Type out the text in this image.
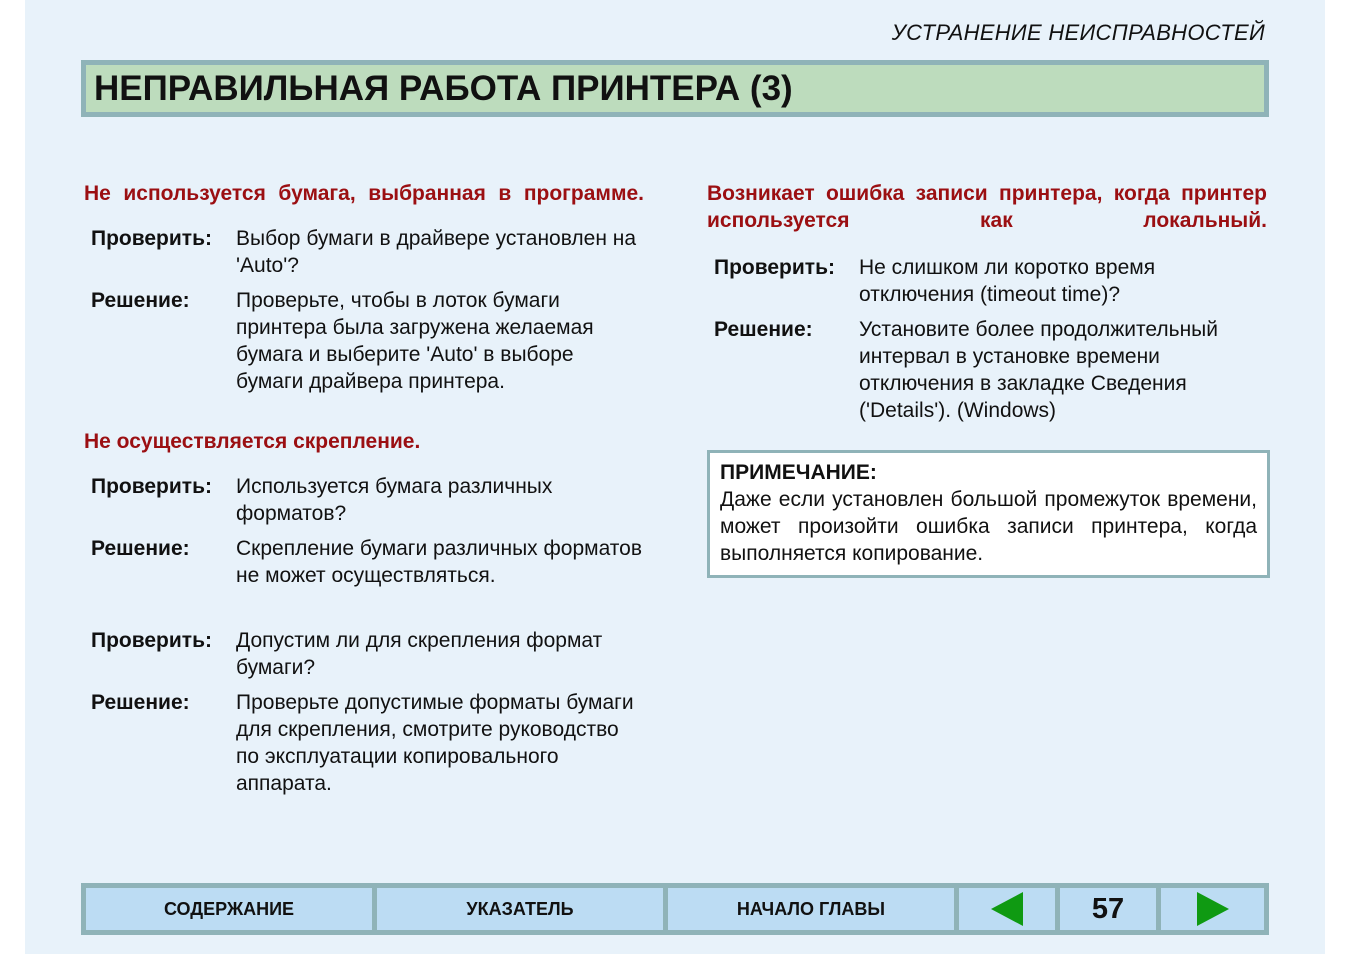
УСТРАНЕНИЕ НЕИСПРАВНОСТЕЙ
НЕПРАВИЛЬНАЯ РАБОТА ПРИНТЕРА (3)
Не используется бумага, выбранная в программе.
Проверить:	Выбор бумаги в драйвере установлен на 'Auto'?
Решение:	Проверьте, чтобы в лоток бумаги принтера была загружена желаемая бумага и выберите 'Auto' в выборе бумаги драйвера принтера.
Не осуществляется скрепление.
Проверить:	Используется бумага различных форматов?
Решение:	Скрепление бумаги различных форматов не может осуществляться.
Проверить:	Допустим ли для скрепления формат бумаги?
Решение:	Проверьте допустимые форматы бумаги для скрепления, смотрите руководство по эксплуатации копировального аппарата.
Возникает ошибка записи принтера, когда принтер используется как локальный.
Проверить:	Не слишком ли коротко время отключения (timeout time)?
Решение:	Установите более продолжительный интервал в установке времени отключения в закладке Сведения ('Details'). (Windows)
ПРИМЕЧАНИЕ:
Даже если установлен большой промежуток времени, может произойти ошибка записи принтера, когда выполняется копирование.
СОДЕРЖАНИЕ	УКАЗАТЕЛЬ	НАЧАЛО ГЛАВЫ	57
